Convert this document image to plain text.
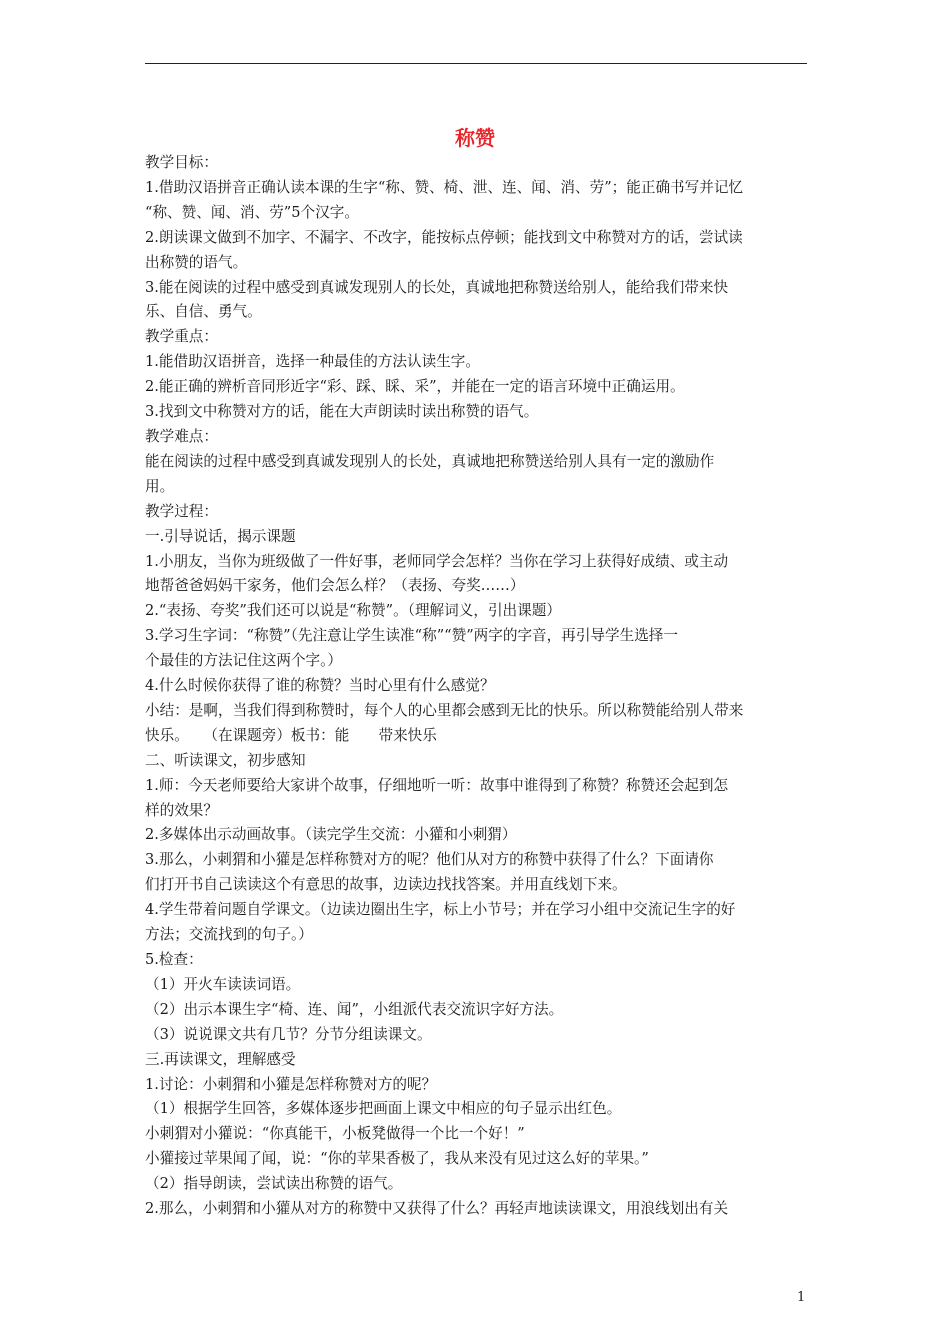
称赞
教学目标：
1.借助汉语拼音正确认读本课的生字“称、赞、椅、泄、连、闻、消、劳”；能正确书写并记忆
“称、赞、闻、消、劳”5个汉字。
2.朗读课文做到不加字、不漏字、不改字，能按标点停顿；能找到文中称赞对方的话，尝试读
出称赞的语气。
3.能在阅读的过程中感受到真诚发现别人的长处，真诚地把称赞送给别人，能给我们带来快
乐、自信、勇气。
教学重点：
1.能借助汉语拼音，选择一种最佳的方法认读生字。
2.能正确的辨析音同形近字“彩、踩、睬、采”，并能在一定的语言环境中正确运用。
3.找到文中称赞对方的话，能在大声朗读时读出称赞的语气。
教学难点：
能在阅读的过程中感受到真诚发现别人的长处，真诚地把称赞送给别人具有一定的激励作
用。
教学过程：
一.引导说话，揭示课题
1.小朋友，当你为班级做了一件好事，老师同学会怎样？当你在学习上获得好成绩、或主动
地帮爸爸妈妈干家务，他们会怎么样？（表扬、夸奖……）
2.“表扬、夸奖”我们还可以说是“称赞”。（理解词义，引出课题）
3.学习生字词：“称赞”（先注意让学生读准“称”“赞”两字的字音，再引导学生选择一
个最佳的方法记住这两个字。）
4.什么时候你获得了谁的称赞？当时心里有什么感觉？
小结：是啊，当我们得到称赞时，每个人的心里都会感到无比的快乐。所以称赞能给别人带来
快乐。　　（在课题旁）板书：能　　带来快乐
二、听读课文，初步感知
1.师：今天老师要给大家讲个故事，仔细地听一听：故事中谁得到了称赞？称赞还会起到怎
样的效果？
2.多媒体出示动画故事。（读完学生交流：小獾和小刺猬）
3.那么，小刺猬和小獾是怎样称赞对方的呢？他们从对方的称赞中获得了什么？下面请你
们打开书自己读读这个有意思的故事，边读边找找答案。并用直线划下来。
4.学生带着问题自学课文。（边读边圈出生字，标上小节号；并在学习小组中交流记生字的好
方法；交流找到的句子。）
5.检查：
（1）开火车读读词语。
（2）出示本课生字“椅、连、闻”，小组派代表交流识字好方法。
（3）说说课文共有几节？分节分组读课文。
三.再读课文，理解感受
1.讨论：小刺猬和小獾是怎样称赞对方的呢？
（1）根据学生回答，多媒体逐步把画面上课文中相应的句子显示出红色。
小刺猬对小獾说：“你真能干，小板凳做得一个比一个好！”
小獾接过苹果闻了闻，说：“你的苹果香极了，我从来没有见过这么好的苹果。”
（2）指导朗读，尝试读出称赞的语气。
2.那么，小刺猬和小獾从对方的称赞中又获得了什么？再轻声地读读课文，用浪线划出有关
1
